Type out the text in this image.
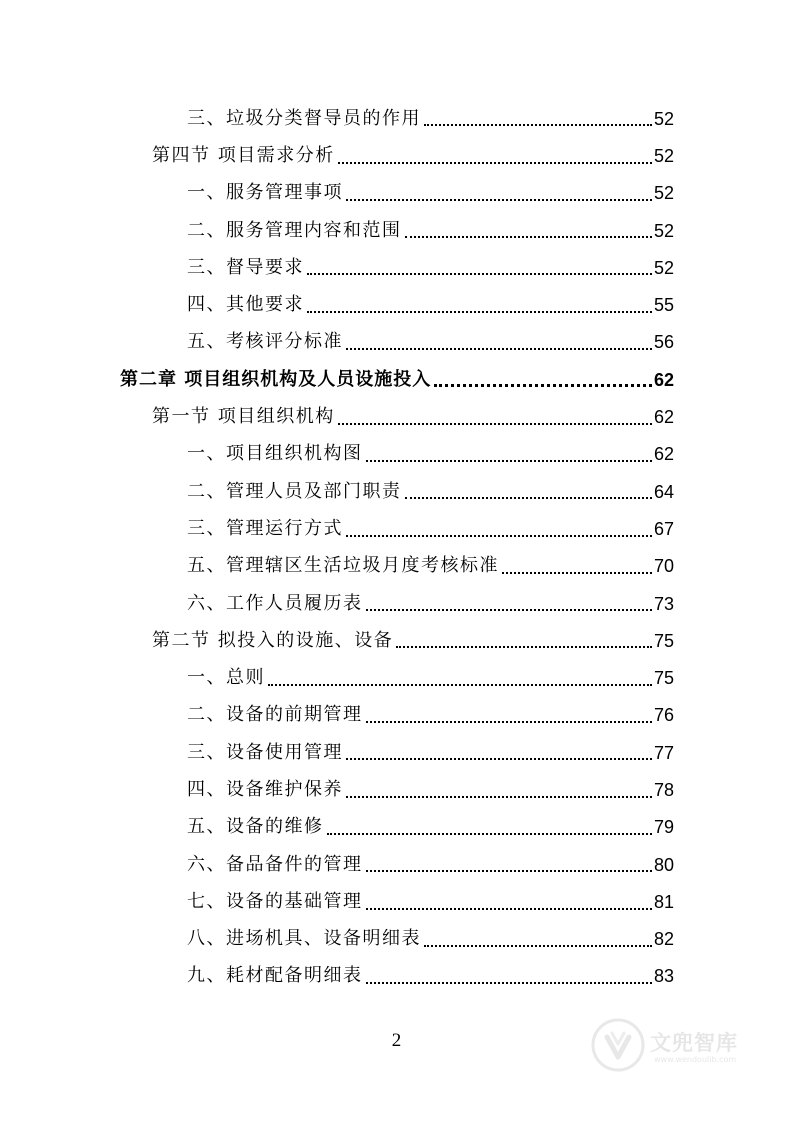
三、垃圾分类督导员的作用	52
第四节 项目需求分析	52
一、服务管理事项	52
二、服务管理内容和范围	52
三、督导要求	52
四、其他要求	55
五、考核评分标准	56
第二章 项目组织机构及人员设施投入	62
第一节 项目组织机构	62
一、项目组织机构图	62
二、管理人员及部门职责	64
三、管理运行方式	67
五、管理辖区生活垃圾月度考核标准	70
六、工作人员履历表	73
第二节 拟投入的设施、设备	75
一、总则	75
二、设备的前期管理	76
三、设备使用管理	77
四、设备维护保养	78
五、设备的维修	79
六、备品备件的管理	80
七、设备的基础管理	81
八、进场机具、设备明细表	82
九、耗材配备明细表	83
2	文兜智库
www.wendoulib.com
